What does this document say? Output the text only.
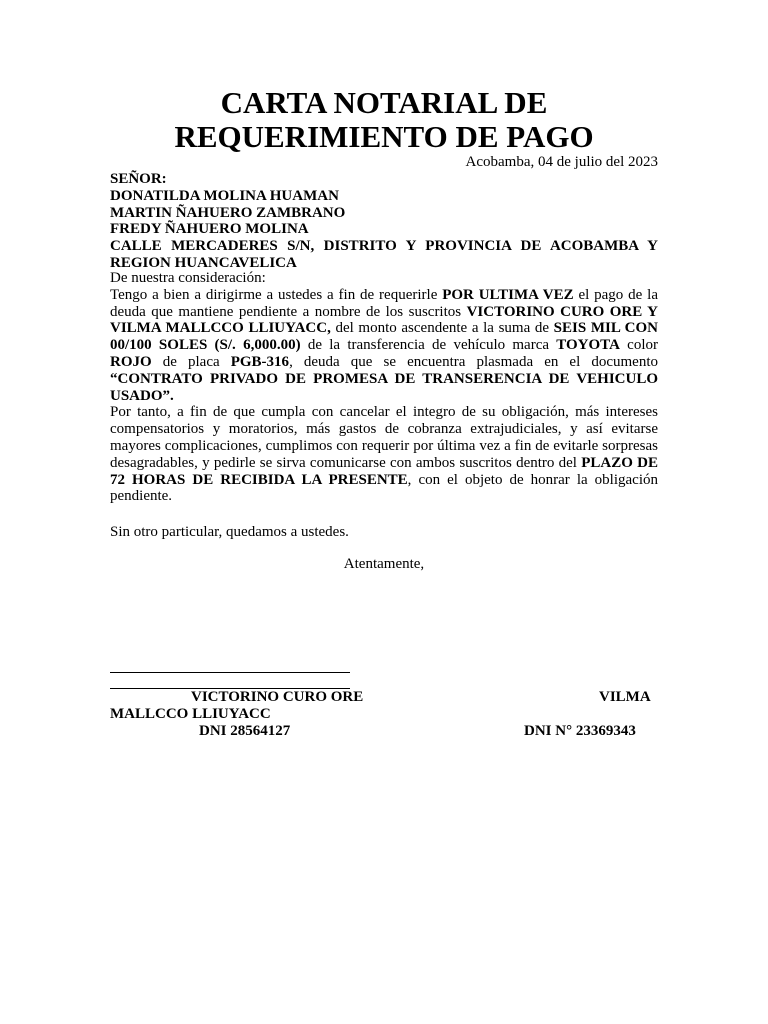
CARTA NOTARIAL DE
REQUERIMIENTO DE PAGO
Acobamba, 04 de julio del 2023
SEÑOR:
DONATILDA MOLINA HUAMAN
MARTIN ÑAHUERO ZAMBRANO
FREDY ÑAHUERO MOLINA
CALLE MERCADERES S/N, DISTRITO Y PROVINCIA DE ACOBAMBA Y REGION HUANCAVELICA

De nuestra consideración:

Tengo a bien a dirigirme a ustedes a fin de requerirle POR ULTIMA VEZ el pago de la deuda que mantiene pendiente a nombre de los suscritos VICTORINO CURO ORE Y VILMA MALLCCO LLIUYACC, del monto ascendente a la suma de SEIS MIL CON 00/100 SOLES (S/. 6,000.00) de la transferencia de vehículo marca TOYOTA color ROJO de placa PGB-316, deuda que se encuentra plasmada en el documento “CONTRATO PRIVADO DE PROMESA DE TRANSERENCIA DE VEHICULO USADO”.

Por tanto, a fin de que cumpla con cancelar el integro de su obligación, más intereses compensatorios y moratorios, más gastos de cobranza extrajudiciales, y así evitarse mayores complicaciones, cumplimos con requerir por última vez a fin de evitarle sorpresas desagradables, y pedirle se sirva comunicarse con ambos suscritos dentro del PLAZO DE 72 HORAS DE RECIBIDA LA PRESENTE, con el objeto de honrar la obligación pendiente.

Sin otro particular, quedamos a ustedes.
Atentamente,
VICTORINO CURO ORE	VILMA
MALLCCO LLIUYACC
DNI 28564127	DNI N° 23369343
